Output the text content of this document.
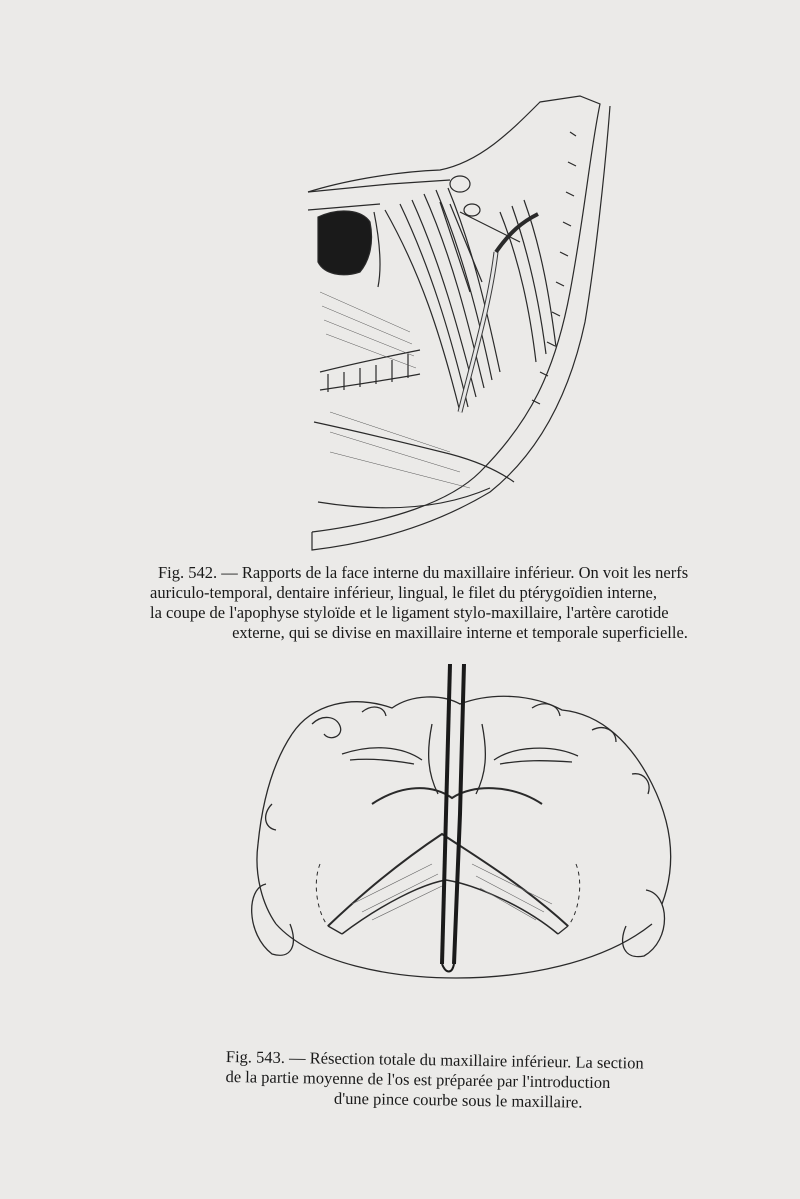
Fig. 542. — Rapports de la face interne du maxillaire inférieur. On voit les nerfs
auriculo-temporal, dentaire inférieur, lingual, le filet du ptérygoïdien interne,
la coupe de l'apophyse styloïde et le ligament stylo-maxillaire, l'artère carotide
externe, qui se divise en maxillaire interne et temporale superficielle.
Fig. 543. — Résection totale du maxillaire inférieur. La section
de la partie moyenne de l'os est préparée par l'introduction
d'une pince courbe sous le maxillaire.
